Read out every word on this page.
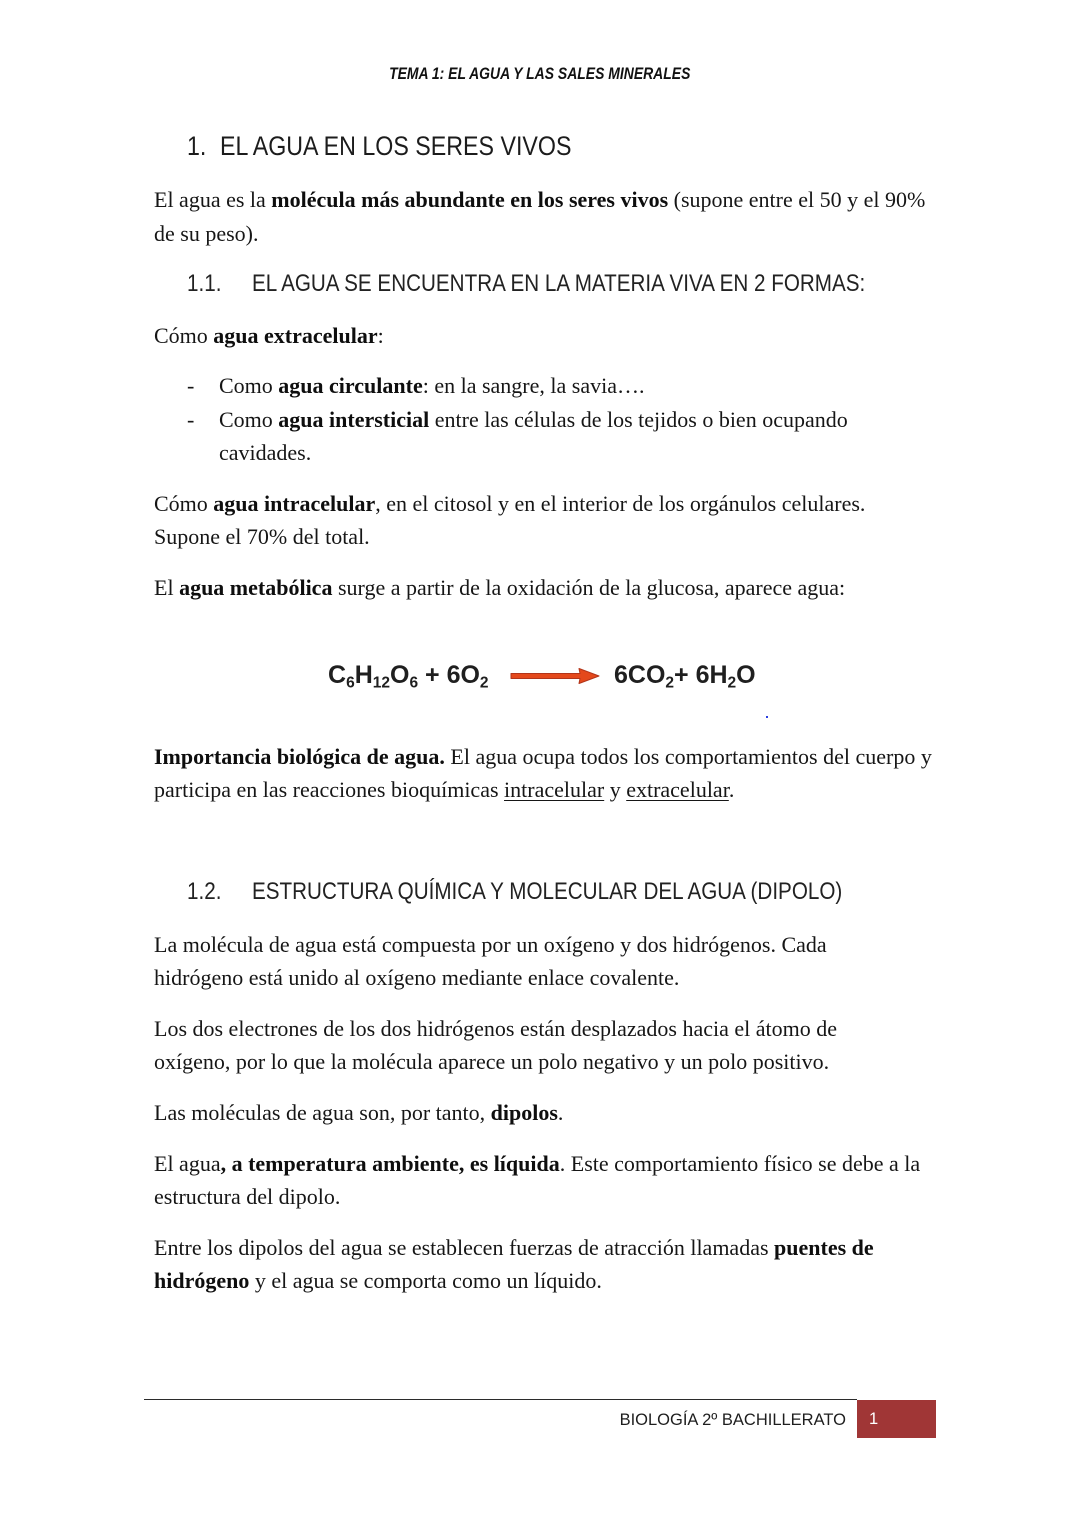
TEMA 1: EL AGUA Y LAS SALES MINERALES
1. EL AGUA EN LOS SERES VIVOS
El agua es la molécula más abundante en los seres vivos (supone entre el 50 y el 90%
de su peso).
1.1. EL AGUA SE ENCUENTRA EN LA MATERIA VIVA EN 2 FORMAS:
Cómo agua extracelular:
- Como agua circulante: en la sangre, la savia….
- Como agua intersticial entre las células de los tejidos o bien ocupando
cavidades.
Cómo agua intracelular, en el citosol y en el interior de los orgánulos celulares.
Supone el 70% del total.
El agua metabólica surge a partir de la oxidación de la glucosa, aparece agua:
$C_6H_{12}O_6 + 6O_2$	$6CO_2+ 6H_2O$
Importancia biológica de agua. El agua ocupa todos los comportamientos del cuerpo y
participa en las reacciones bioquímicas intracelular y extracelular.
1.2. ESTRUCTURA QUÍMICA Y MOLECULAR DEL AGUA (DIPOLO)
La molécula de agua está compuesta por un oxígeno y dos hidrógenos. Cada
hidrógeno está unido al oxígeno mediante enlace covalente.
Los dos electrones de los dos hidrógenos están desplazados hacia el átomo de
oxígeno, por lo que la molécula aparece un polo negativo y un polo positivo.
Las moléculas de agua son, por tanto, dipolos.
El agua, a temperatura ambiente, es líquida. Este comportamiento físico se debe a la
estructura del dipolo.
Entre los dipolos del agua se establecen fuerzas de atracción llamadas puentes de
hidrógeno y el agua se comporta como un líquido.
BIOLOGÍA 2º BACHILLERATO 1
